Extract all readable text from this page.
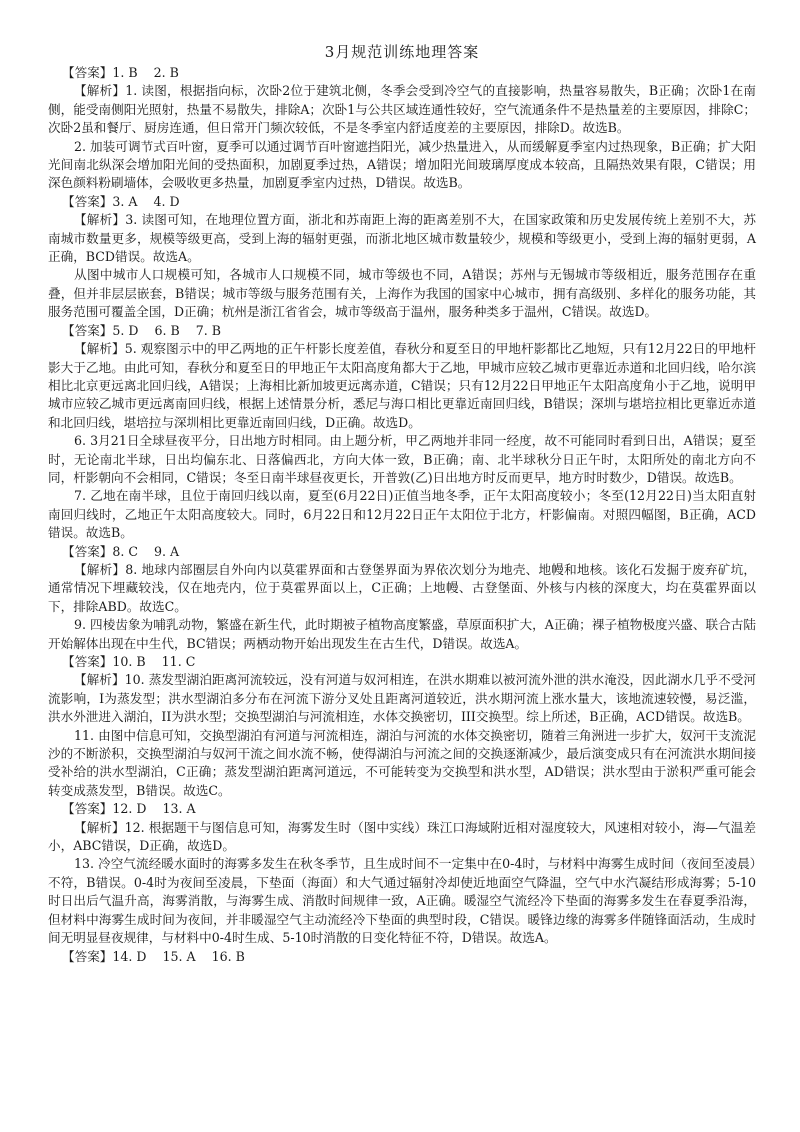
3月规范训练地理答案

【答案】1. B    2. B

【解析】1. 读图，根据指向标，次卧2位于建筑北侧，冬季会受到冷空气的直接影响，热量容易散失，B正确；次卧1在南侧，能受南侧阳光照射，热量不易散失，排除A；次卧1与公共区域连通性较好，空气流通条件不是热量差的主要原因，排除C；次卧2虽和餐厅、厨房连通，但日常开门频次较低，不是冬季室内舒适度差的主要原因，排除D。故选B。

2. 加装可调节式百叶窗，夏季可以通过调节百叶窗遮挡阳光，减少热量进入，从而缓解夏季室内过热现象，B正确；扩大阳光间南北纵深会增加阳光间的受热面积，加剧夏季过热，A错误；增加阳光间玻璃厚度成本较高，且隔热效果有限，C错误；用深色颜料粉刷墙体，会吸收更多热量，加剧夏季室内过热，D错误。故选B。

【答案】3. A    4. D

【解析】3. 读图可知，在地理位置方面，浙北和苏南距上海的距离差别不大，在国家政策和历史发展传统上差别不大，苏南城市数量更多，规模等级更高，受到上海的辐射更强，而浙北地区城市数量较少，规模和等级更小，受到上海的辐射更弱，A正确，BCD错误。故选A。

从图中城市人口规模可知，各城市人口规模不同，城市等级也不同，A错误；苏州与无锡城市等级相近，服务范围存在重叠，但并非层层嵌套，B错误；城市等级与服务范围有关，上海作为我国的国家中心城市，拥有高级别、多样化的服务功能，其服务范围可覆盖全国，D正确；杭州是浙江省省会，城市等级高于温州，服务种类多于温州，C错误。故选D。

【答案】5. D    6. B    7. B

【解析】5. 观察图示中的甲乙两地的正午杆影长度差值，春秋分和夏至日的甲地杆影都比乙地短，只有12月22日的甲地杆影大于乙地。由此可知，春秋分和夏至日的甲地正午太阳高度角都大于乙地，甲城市应较乙城市更靠近赤道和北回归线，哈尔滨相比北京更远离北回归线，A错误；上海相比新加坡更远离赤道，C错误；只有12月22日甲地正午太阳高度角小于乙地，说明甲城市应较乙城市更远离南回归线，根据上述情景分析，悉尼与海口相比更靠近南回归线，B错误；深圳与堪培拉相比更靠近赤道和北回归线，堪培拉与深圳相比更靠近南回归线，D正确。故选D。

6. 3月21日全球昼夜平分，日出地方时相同。由上题分析，甲乙两地并非同一经度，故不可能同时看到日出，A错误；夏至时，无论南北半球，日出均偏东北、日落偏西北，方向大体一致，B正确；南、北半球秋分日正午时，太阳所处的南北方向不同，杆影朝向不会相同，C错误；冬至日南半球昼夜更长，开普敦(乙)日出地方时反而更早，地方时时数少，D错误。故选B。

7. 乙地在南半球，且位于南回归线以南，夏至(6月22日)正值当地冬季，正午太阳高度较小；冬至(12月22日)当太阳直射南回归线时，乙地正午太阳高度较大。同时，6月22日和12月22日正午太阳位于北方，杆影偏南。对照四幅图，B正确，ACD错误。故选B。

【答案】8. C    9. A

【解析】8. 地球内部圈层自外向内以莫霍界面和古登堡界面为界依次划分为地壳、地幔和地核。该化石发掘于废弃矿坑，通常情况下埋藏较浅，仅在地壳内，位于莫霍界面以上，C正确；上地幔、古登堡面、外核与内核的深度大，均在莫霍界面以下，排除ABD。故选C。

9. 四棱齿象为哺乳动物，繁盛在新生代，此时期被子植物高度繁盛，草原面积扩大，A正确；裸子植物极度兴盛、联合古陆开始解体出现在中生代，BC错误；两栖动物开始出现发生在古生代，D错误。故选A。

【答案】10. B    11. C

【解析】10. 蒸发型湖泊距离河流较远，没有河道与奴河相连，在洪水期难以被河流外泄的洪水淹没，因此湖水几乎不受河流影响，I为蒸发型；洪水型湖泊多分布在河流下游分叉处且距离河道较近，洪水期河流上涨水量大，该地流速较慢，易泛滥，洪水外泄进入湖泊，II为洪水型；交换型湖泊与河流相连，水体交换密切，III交换型。综上所述，B正确，ACD错误。故选B。

11. 由图中信息可知，交换型湖泊有河道与河流相连，湖泊与河流的水体交换密切，随着三角洲进一步扩大，奴河干支流泥沙的不断淤积，交换型湖泊与奴河干流之间水流不畅，使得湖泊与河流之间的交换逐渐减少，最后演变成只有在河流洪水期间接受补给的洪水型湖泊，C正确；蒸发型湖泊距离河道远，不可能转变为交换型和洪水型，AD错误；洪水型由于淤积严重可能会转变成蒸发型，B错误。故选C。

【答案】12. D    13. A

【解析】12. 根据题干与图信息可知，海雾发生时（图中实线）珠江口海域附近相对湿度较大，风速相对较小，海—气温差小，ABC错误，D正确，故选D。

13. 冷空气流经暖水面时的海雾多发生在秋冬季节，且生成时间不一定集中在0-4时，与材料中海雾生成时间（夜间至凌晨）不符，B错误。0-4时为夜间至凌晨，下垫面（海面）和大气通过辐射冷却使近地面空气降温，空气中水汽凝结形成海雾；5-10时日出后气温升高，海雾消散，与海雾生成、消散时间规律一致，A正确。暖湿空气流经冷下垫面的海雾多发生在春夏季沿海，但材料中海雾生成时间为夜间，并非暖湿空气主动流经冷下垫面的典型时段，C错误。暖锋边缘的海雾多伴随锋面活动，生成时间无明显昼夜规律，与材料中0-4时生成、5-10时消散的日变化特征不符，D错误。故选A。

【答案】14. D    15. A    16. B
